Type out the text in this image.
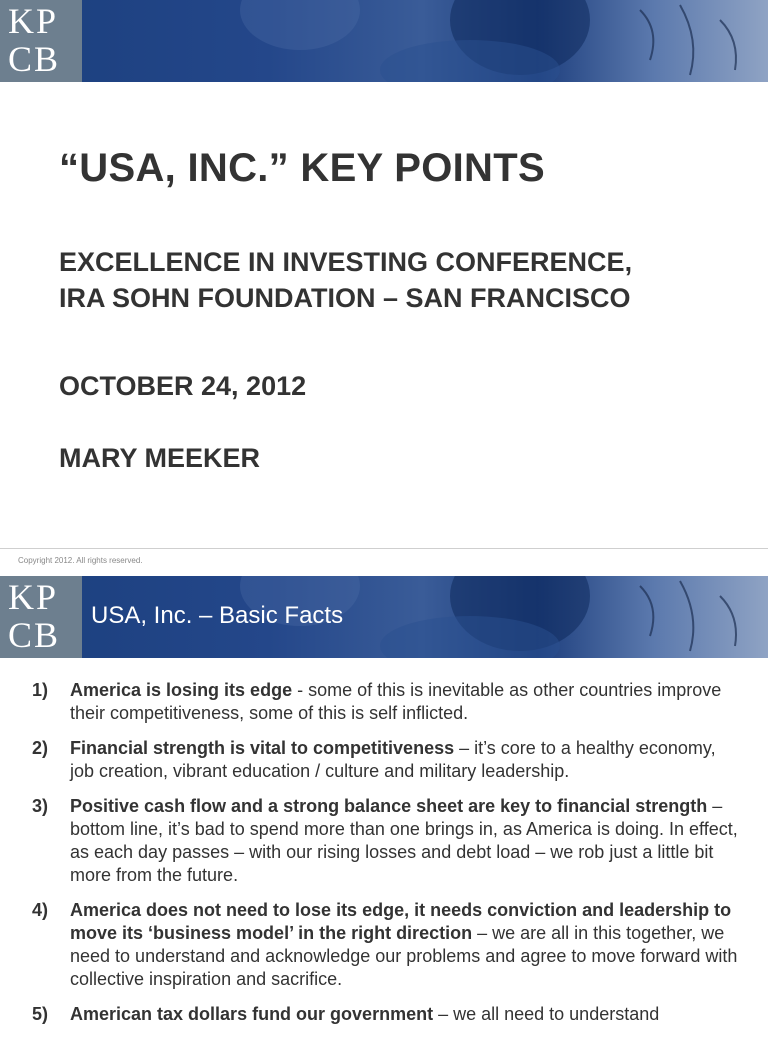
KP
CB
“USA, INC.” KEY POINTS
EXCELLENCE IN INVESTING CONFERENCE,
IRA SOHN FOUNDATION – SAN FRANCISCO
OCTOBER 24, 2012
MARY MEEKER
Copyright 2012. All rights reserved.
KP
CB USA, Inc. – Basic Facts
1)	America is losing its edge - some of this is inevitable as other countries improve their competitiveness, some of this is self inflicted.
2)	Financial strength is vital to competitiveness – it’s core to a healthy economy, job creation, vibrant education / culture and military leadership.
3)	Positive cash flow and a strong balance sheet are key to financial strength – bottom line, it’s bad to spend more than one brings in, as America is doing. In effect, as each day passes – with our rising losses and debt load – we rob just a little bit more from the future.
4)	America does not need to lose its edge, it needs conviction and leadership to move its ‘business model’ in the right direction – we are all in this together, we need to understand and acknowledge our problems and agree to move forward with collective inspiration and sacrifice.
5)	American tax dollars fund our government – we all need to understand
